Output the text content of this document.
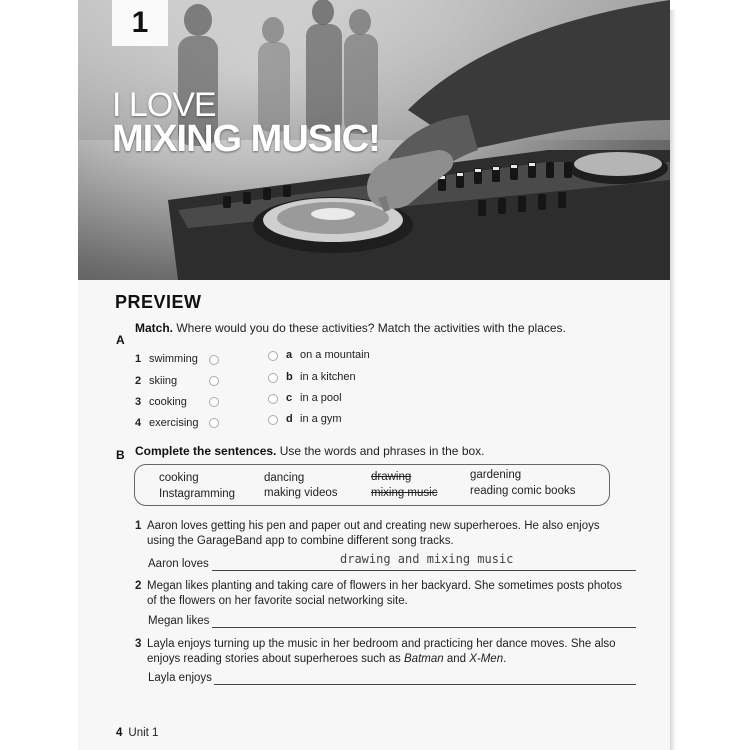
1
I LOVE
MIXING MUSIC!
PREVIEW
A
Match. Where would you do these activities? Match the activities with the places.
1 swimming
2 skiing
3 cooking
4 exercising
a on a mountain
b in a kitchen
c in a pool
d in a gym
B Complete the sentences. Use the words and phrases in the box.
cooking
Instagramming
dancing
making videos
drawing
mixing music
gardening
reading comic books
1 Aaron loves getting his pen and paper out and creating new superheroes. He also enjoys
using the GarageBand app to combine different song tracks.
Aaron loves	drawing and mixing music
2 Megan likes planting and taking care of flowers in her backyard. She sometimes posts photos
of the flowers on her favorite social networking site.
Megan likes
3 Layla enjoys turning up the music in her bedroom and practicing her dance moves. She also
enjoys reading stories about superheroes such as Batman and X-Men.
Layla enjoys
4 Unit 1
